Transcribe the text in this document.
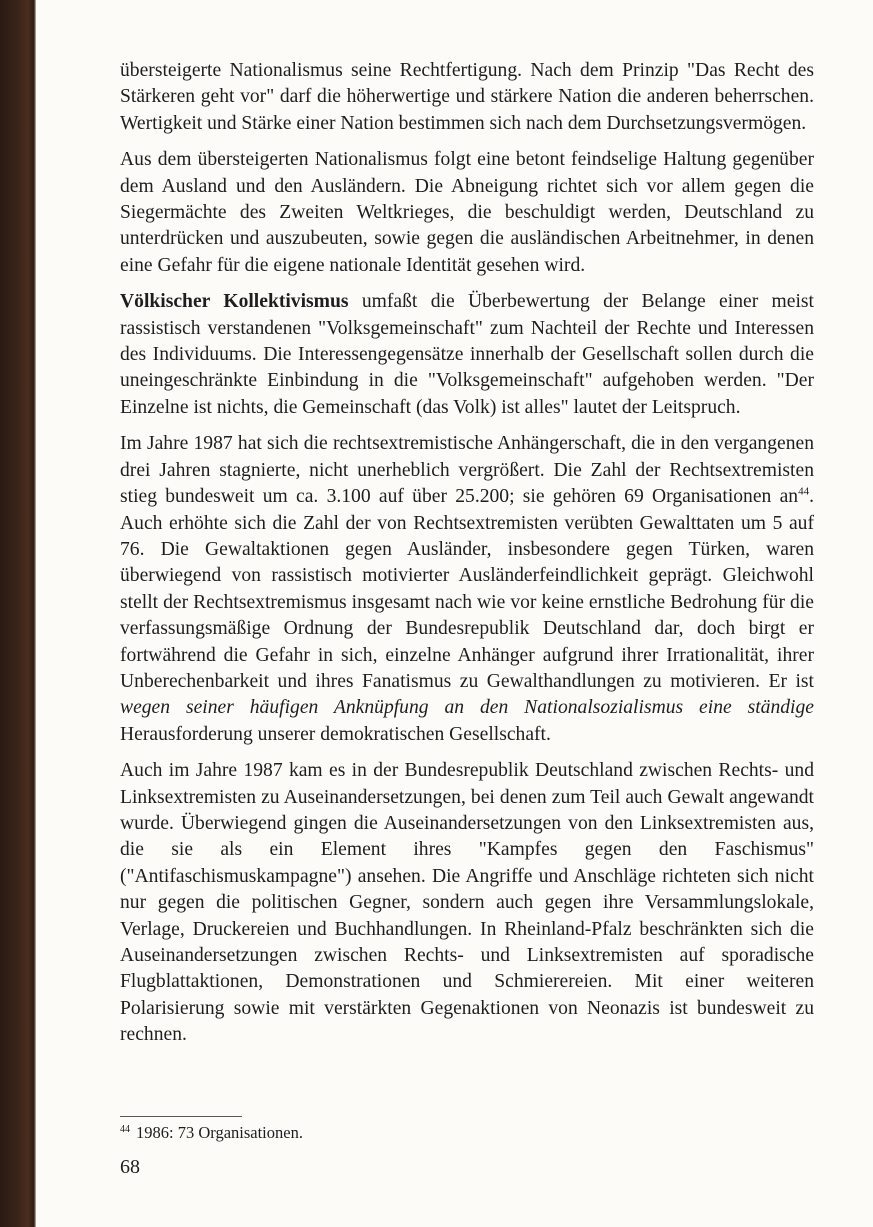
übersteigerte Nationalismus seine Rechtfertigung. Nach dem Prinzip "Das Recht des Stärkeren geht vor" darf die höherwertige und stärkere Nation die anderen beherrschen. Wertigkeit und Stärke einer Nation bestimmen sich nach dem Durchsetzungsvermögen.

Aus dem übersteigerten Nationalismus folgt eine betont feindselige Haltung gegenüber dem Ausland und den Ausländern. Die Abneigung richtet sich vor allem gegen die Siegermächte des Zweiten Weltkrieges, die beschuldigt werden, Deutschland zu unterdrücken und auszubeuten, sowie gegen die ausländischen Arbeitnehmer, in denen eine Gefahr für die eigene nationale Identität gesehen wird.

Völkischer Kollektivismus umfaßt die Überbewertung der Belange einer meist rassistisch verstandenen "Volksgemeinschaft" zum Nachteil der Rechte und Interessen des Individuums. Die Interessengegensätze innerhalb der Gesellschaft sollen durch die uneingeschränkte Einbindung in die "Volksgemeinschaft" aufgehoben werden. "Der Einzelne ist nichts, die Gemeinschaft (das Volk) ist alles" lautet der Leitspruch.

Im Jahre 1987 hat sich die rechtsextremistische Anhängerschaft, die in den vergangenen drei Jahren stagnierte, nicht unerheblich vergrößert. Die Zahl der Rechtsextremisten stieg bundesweit um ca. 3.100 auf über 25.200; sie gehören 69 Organisationen $an^{44}$. Auch erhöhte sich die Zahl der von Rechtsextremisten verübten Gewalttaten um 5 auf 76. Die Gewaltaktionen gegen Ausländer, insbesondere gegen Türken, waren überwiegend von rassistisch motivierter Ausländerfeindlichkeit geprägt. Gleichwohl stellt der Rechtsextremismus insgesamt nach wie vor keine ernstliche Bedrohung für die verfassungsmäßige Ordnung der Bundesrepublik Deutschland dar, doch birgt er fortwährend die Gefahr in sich, einzelne Anhänger aufgrund ihrer Irrationalität, ihrer Unberechenbarkeit und ihres Fanatismus zu Gewalthandlungen zu motivieren. Er ist wegen seiner häufigen Anknüpfung an den Nationalsozialismus eine ständige Herausforderung unserer demokratischen Gesellschaft.

Auch im Jahre 1987 kam es in der Bundesrepublik Deutschland zwischen Rechts- und Linksextremisten zu Auseinandersetzungen, bei denen zum Teil auch Gewalt angewandt wurde. Überwiegend gingen die Auseinandersetzungen von den Linksextremisten aus, die sie als ein Element ihres "Kampfes gegen den Faschismus" ("Antifaschismuskampagne") ansehen. Die Angriffe und Anschläge richteten sich nicht nur gegen die politischen Gegner, sondern auch gegen ihre Versammlungslokale, Verlage, Druckereien und Buchhandlungen. In Rheinland-Pfalz beschränkten sich die Auseinandersetzungen zwischen Rechts- und Linksextremisten auf sporadische Flugblattaktionen, Demonstrationen und Schmierereien. Mit einer weiteren Polarisierung sowie mit verstärkten Gegenaktionen von Neonazis ist bundesweit zu rechnen.

$^{44}$ 1986: 73 Organisationen.
68
